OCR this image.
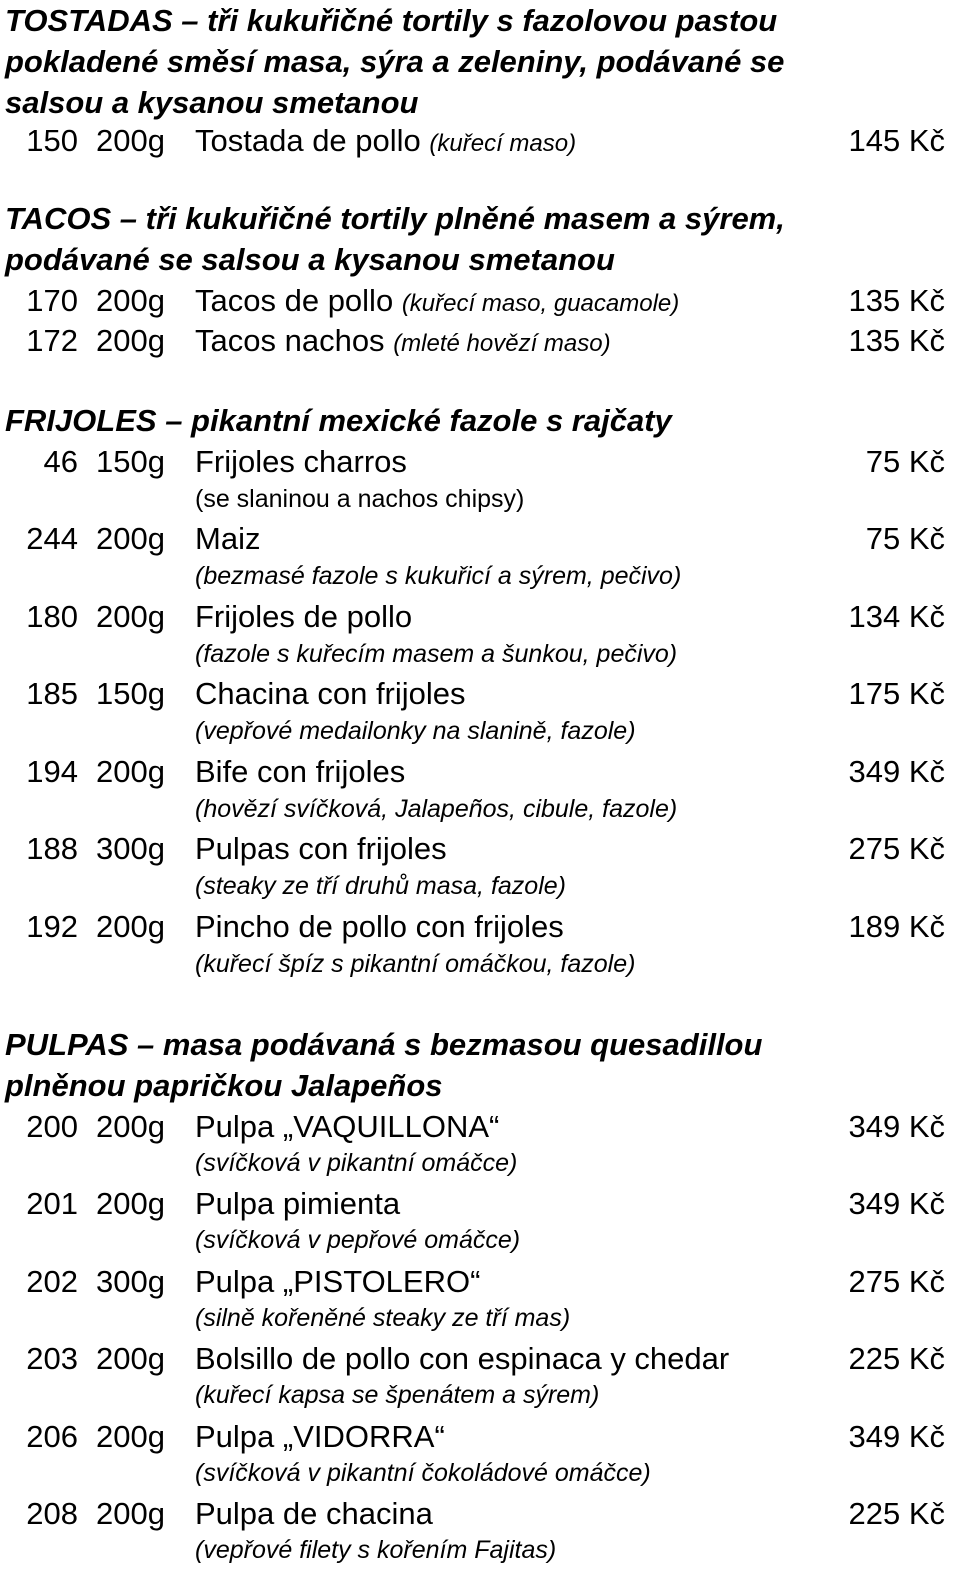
TOSTADAS – tři kukuřičné tortily s fazolovou pastou
pokladené směsí masa, sýra a zeleniny, podávané se
salsou a kysanou smetanou
150 200g Tostada de pollo (kuřecí maso)	145 Kč
TACOS – tři kukuřičné tortily plněné masem a sýrem,
podávané se salsou a kysanou smetanou
170 200g Tacos de pollo (kuřecí maso, guacamole)	135 Kč
172 200g Tacos nachos (mleté hovězí maso)	135 Kč
FRIJOLES – pikantní mexické fazole s rajčaty
46 150g Frijoles charros	75 Kč
(se slaninou a nachos chipsy)
244 200g Maiz	75 Kč
(bezmasé fazole s kukuřicí a sýrem, pečivo)
180 200g Frijoles de pollo	134 Kč
(fazole s kuřecím masem a šunkou, pečivo)
185 150g Chacina con frijoles	175 Kč
(vepřové medailonky na slanině, fazole)
194 200g Bife con frijoles	349 Kč
(hovězí svíčková, Jalapeños, cibule, fazole)
188 300g Pulpas con frijoles	275 Kč
(steaky ze tří druhů masa, fazole)
192 200g Pincho de pollo con frijoles	189 Kč
(kuřecí špíz s pikantní omáčkou, fazole)
PULPAS – masa podávaná s bezmasou quesadillou
plněnou papričkou Jalapeños
200 200g Pulpa „VAQUILLONA“	349 Kč
(svíčková v pikantní omáčce)
201 200g Pulpa pimienta	349 Kč
(svíčková v pepřové omáčce)
202 300g Pulpa „PISTOLERO“	275 Kč
(silně kořeněné steaky ze tří mas)
203 200g Bolsillo de pollo con espinaca y chedar	225 Kč
(kuřecí kapsa se špenátem a sýrem)
206 200g Pulpa „VIDORRA“	349 Kč
(svíčková v pikantní čokoládové omáčce)
208 200g Pulpa de chacina	225 Kč
(vepřové filety s kořením Fajitas)
